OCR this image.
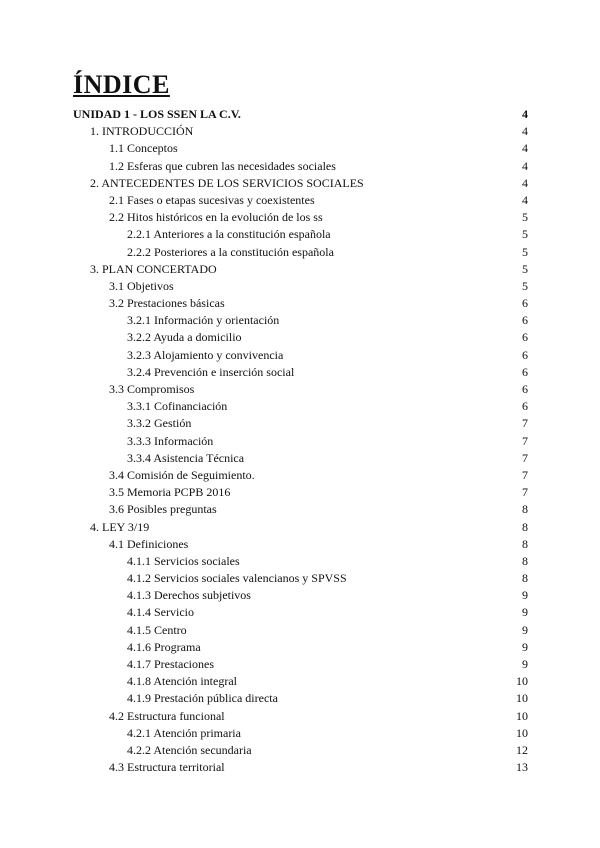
ÍNDICE
UNIDAD 1 - LOS SSEN LA C.V.	4
1. INTRODUCCIÓN	4
1.1 Conceptos	4
1.2 Esferas que cubren las necesidades sociales	4
2. ANTECEDENTES DE LOS SERVICIOS SOCIALES	4
2.1 Fases o etapas sucesivas y coexistentes	4
2.2 Hitos históricos en la evolución de los ss	5
2.2.1 Anteriores a la constitución española	5
2.2.2 Posteriores a la constitución española	5
3. PLAN CONCERTADO	5
3.1 Objetivos	5
3.2 Prestaciones básicas	6
3.2.1 Información y orientación	6
3.2.2 Ayuda a domicilio	6
3.2.3 Alojamiento y convivencia	6
3.2.4 Prevención e inserción social	6
3.3 Compromisos	6
3.3.1 Cofinanciación	6
3.3.2 Gestión	7
3.3.3 Información	7
3.3.4 Asistencia Técnica	7
3.4 Comisión de Seguimiento.	7
3.5 Memoria PCPB 2016	7
3.6 Posibles preguntas	8
4. LEY 3/19	8
4.1 Definiciones	8
4.1.1 Servicios sociales	8
4.1.2 Servicios sociales valencianos y SPVSS	8
4.1.3 Derechos subjetivos	9
4.1.4 Servicio	9
4.1.5 Centro	9
4.1.6 Programa	9
4.1.7 Prestaciones	9
4.1.8 Atención integral	10
4.1.9 Prestación pública directa	10
4.2 Estructura funcional	10
4.2.1 Atención primaria	10
4.2.2 Atención secundaria	12
4.3 Estructura territorial	13
